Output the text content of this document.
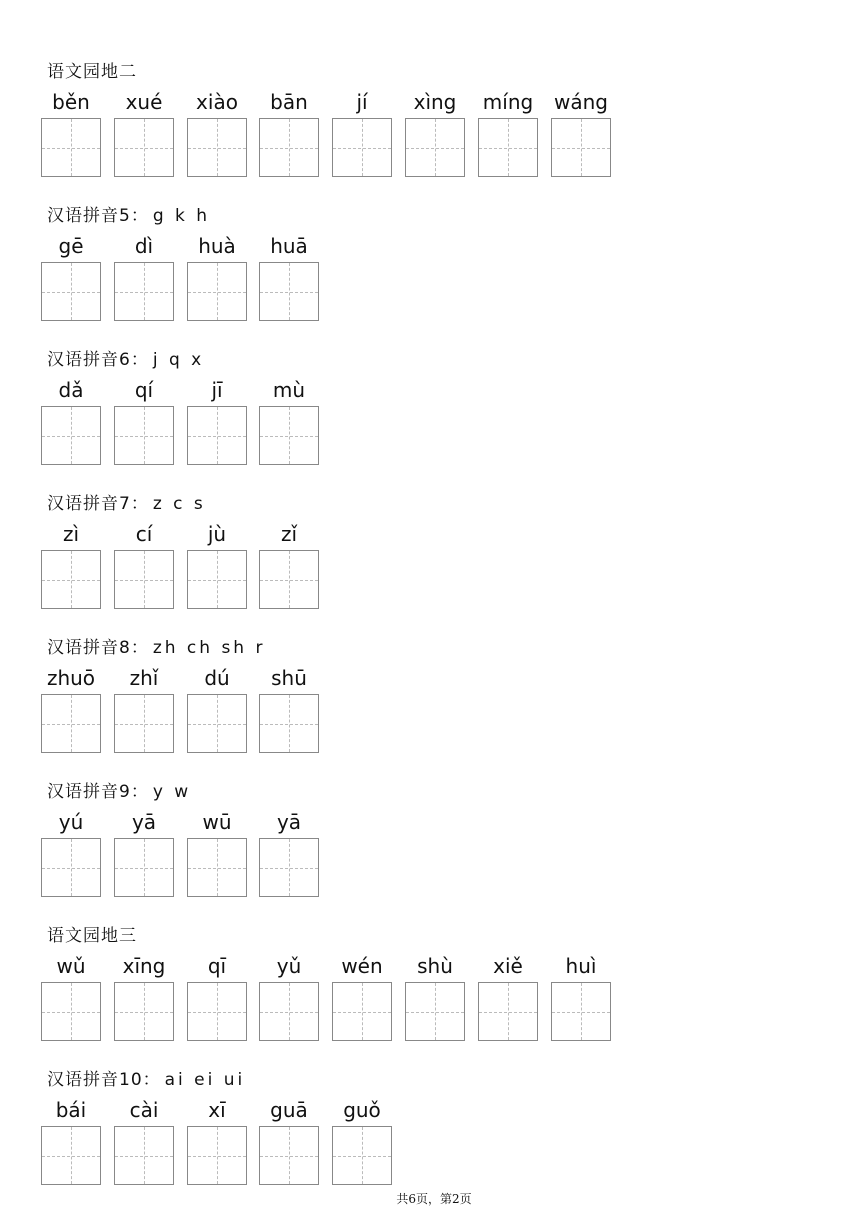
语文园地二
běn	xué	xiào	bān	jí	xìng	míng wáng
汉语拼音5： g k h
gē	dì	huà	huā
汉语拼音6： j q x
dǎ	qí	jī	mù
汉语拼音7： z c s
zì	cí	jù	zǐ
汉语拼音8： zh ch sh r
zhuō	zhǐ	dú	shū
汉语拼音9： y w
yú	yā	wū	yā
语文园地三
wǔ	xīng	qī	yǔ	wén	shù	xiě	huì
汉语拼音10： ai ei ui
bái	cài	xī	guā	guǒ
共6页，第2页
